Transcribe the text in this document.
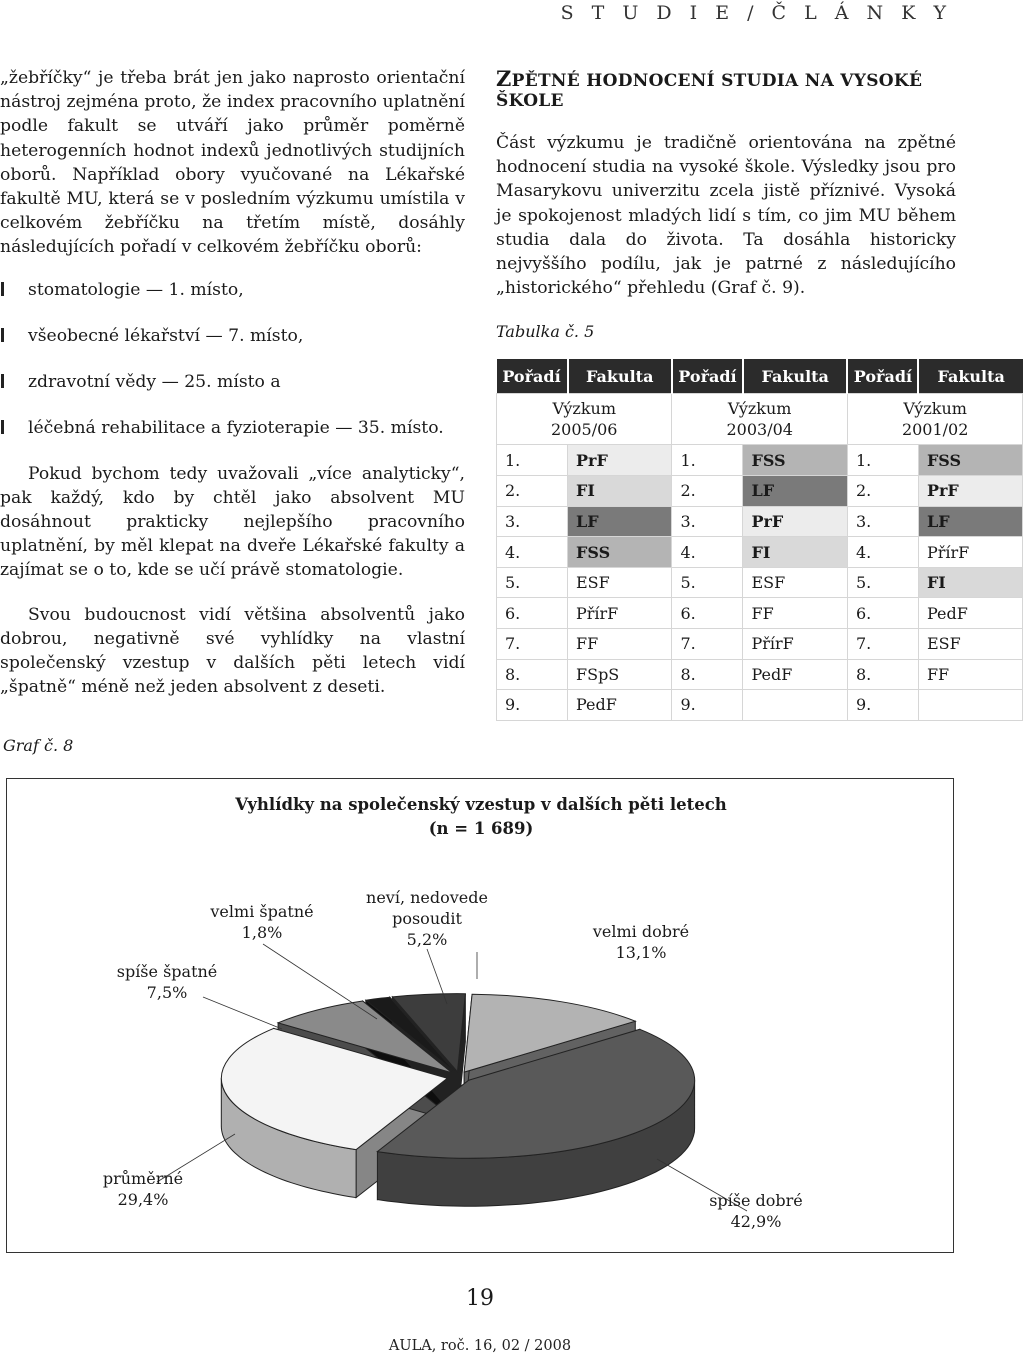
S T U D I E / Č L Á N K Y

„žebříčky“ je třeba brát jen jako naprosto orientační nástroj zejména proto, že index pracovního uplatnění podle fakult se utváří jako průměr poměrně heterogenních hodnot indexů jednotlivých studijních oborů. Například obory vyučované na Lékařské fakultě MU, která se v posledním výzkumu umístila v celkovém žebříčku na třetím místě, dosáhly následujících pořadí v celkovém žebříčku oborů:

stomatologie — 1. místo,
všeobecné lékařství — 7. místo,
zdravotní vědy — 25. místo a
léčebná rehabilitace a fyzioterapie — 35. místo.

Pokud bychom tedy uvažovali „více analyticky“, pak každý, kdo by chtěl jako absolvent MU dosáhnout prakticky nejlepšího pracovního uplatnění, by měl klepat na dveře Lékařské fakulty a zajímat se o to, kde se učí právě stomatologie.

Svou budoucnost vidí většina absolventů jako dobrou, negativně své vyhlídky na vlastní společenský vzestup v dalších pěti letech vidí „špatně“ méně než jeden absolvent z deseti.

ZPĚTNÉ HODNOCENÍ STUDIA NA VYSOKÉ ŠKOLE

Část výzkumu je tradičně orientována na zpětné hodnocení studia na vysoké škole. Výsledky jsou pro Masarykovu univerzitu zcela jistě příznivé. Vysoká je spokojenost mladých lidí s tím, co jim MU během studia dala do života. Ta dosáhla historicky nejvyššího podílu, jak je patrné z následujícího „historického“ přehledu (Graf č. 9).

Tabulka č. 5
Pořadí	Fakulta	Pořadí	Fakulta	Pořadí	Fakulta
Výzkum 2005/06		Výzkum 2003/04		Výzkum 2001/02	
1.	PrF	1.	FSS	1.	FSS
2.	FI	2.	LF	2.	PrF
3.	LF	3.	PrF	3.	LF
4.	FSS	4.	FI	4.	PřírF
5.	ESF	5.	ESF	5.	FI
6.	PřírF	6.	FF	6.	PedF
7.	FF	7.	PřírF	7.	ESF
8.	FSpS	8.	PedF	8.	FF
9.	PedF	9.		9.	
Graf č. 8
Vyhlídky na společenský vzestup v dalších pěti letech
(n = 1 689)
velmi dobré
13,1%
spíše dobré
42,9%
průměrné
29,4%
spíše špatné
7,5%
velmi špatné
1,8%
neví, nedovede
posoudit
5,2%
19
AULA, roč. 16, 02 / 2008
